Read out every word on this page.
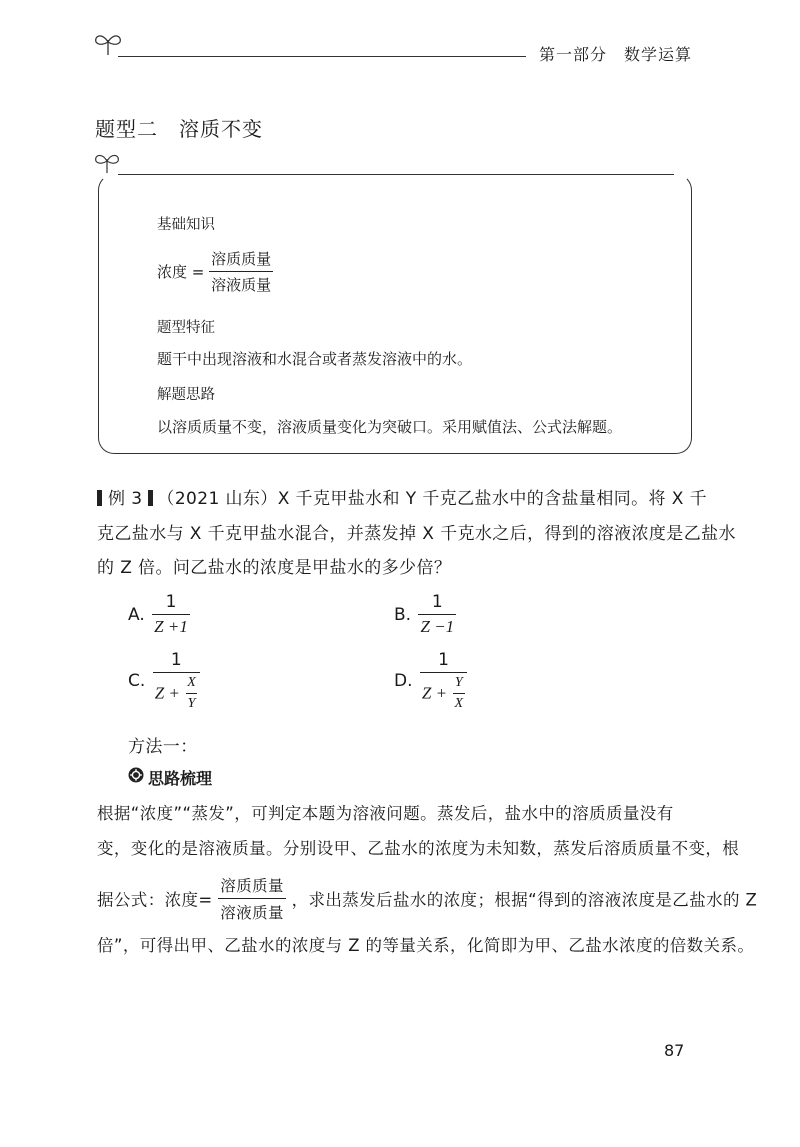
第一部分　数学运算
题型二　溶质不变
基础知识
浓度 = $\frac{\text{溶质质量}}{\text{溶液质量}}$
题型特征
题干中出现溶液和水混合或者蒸发溶液中的水。
解题思路
以溶质质量不变，溶液质量变化为突破口。采用赋值法、公式法解题。
例 3 （2021 山东）X 千克甲盐水和 Y 千克乙盐水中的含盐量相同。将 X 千
克乙盐水与 X 千克甲盐水混合，并蒸发掉 X 千克水之后，得到的溶液浓度是乙盐水
的 Z 倍。问乙盐水的浓度是甲盐水的多少倍？
A. $\frac{1}{Z +1}$	B. $\frac{1}{Z -1}$
C. $\frac{1}{Z + \frac{X}{Y}}$	D. $\frac{1}{Z + \frac{Y}{X}}$
方法一：
思路梳理
根据“浓度”“蒸发”，可判定本题为溶液问题。蒸发后，盐水中的溶质质量没有
变，变化的是溶液质量。分别设甲、乙盐水的浓度为未知数，蒸发后溶质质量不变，根
据公式：浓度= $\frac{\text{溶质质量}}{\text{溶液质量}}$ ，求出蒸发后盐水的浓度；根据“得到的溶液浓度是乙盐水的 Z
倍”，可得出甲、乙盐水的浓度与 Z 的等量关系，化简即为甲、乙盐水浓度的倍数关系。
87
